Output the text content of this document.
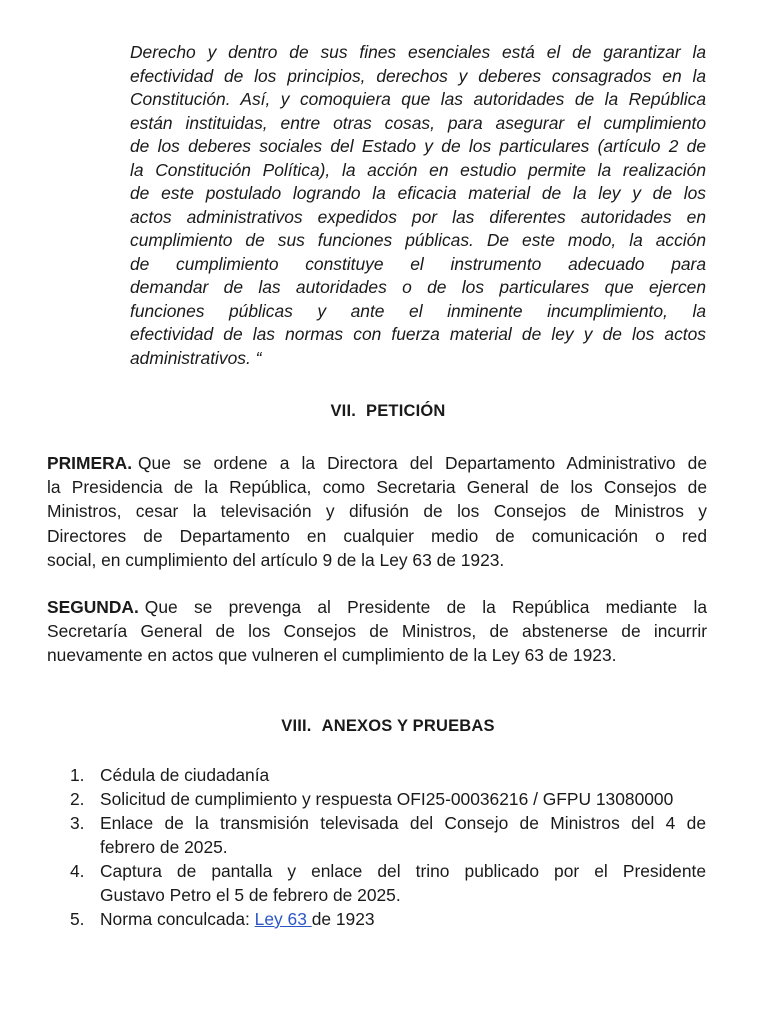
Derecho y dentro de sus fines esenciales está el de garantizar la
efectividad de los principios, derechos y deberes consagrados en la
Constitución. Así, y comoquiera que las autoridades de la República
están instituidas, entre otras cosas, para asegurar el cumplimiento
de los deberes sociales del Estado y de los particulares (artículo 2 de
la Constitución Política), la acción en estudio permite la realización
de este postulado logrando la eficacia material de la ley y de los
actos administrativos expedidos por las diferentes autoridades en
cumplimiento de sus funciones públicas. De este modo, la acción
de cumplimiento constituye el instrumento adecuado para
demandar de las autoridades o de los particulares que ejercen
funciones públicas y ante el inminente incumplimiento, la
efectividad de las normas con fuerza material de ley y de los actos
administrativos. “
VII. PETICIÓN
PRIMERA. Que se ordene a la Directora del Departamento Administrativo de
la Presidencia de la República, como Secretaria General de los Consejos de
Ministros, cesar la televisación y difusión de los Consejos de Ministros y
Directores de Departamento en cualquier medio de comunicación o red
social, en cumplimiento del artículo 9 de la Ley 63 de 1923.
SEGUNDA. Que se prevenga al Presidente de la República mediante la
Secretaría General de los Consejos de Ministros, de abstenerse de incurrir
nuevamente en actos que vulneren el cumplimiento de la Ley 63 de 1923.
VIII. ANEXOS Y PRUEBAS
1. Cédula de ciudadanía
2. Solicitud de cumplimiento y respuesta OFI25-00036216 / GFPU 13080000
3. Enlace de la transmisión televisada del Consejo de Ministros del 4 de
febrero de 2025.
4. Captura de pantalla y enlace del trino publicado por el Presidente
Gustavo Petro el 5 de febrero de 2025.
5. Norma conculcada: Ley 63 de 1923
